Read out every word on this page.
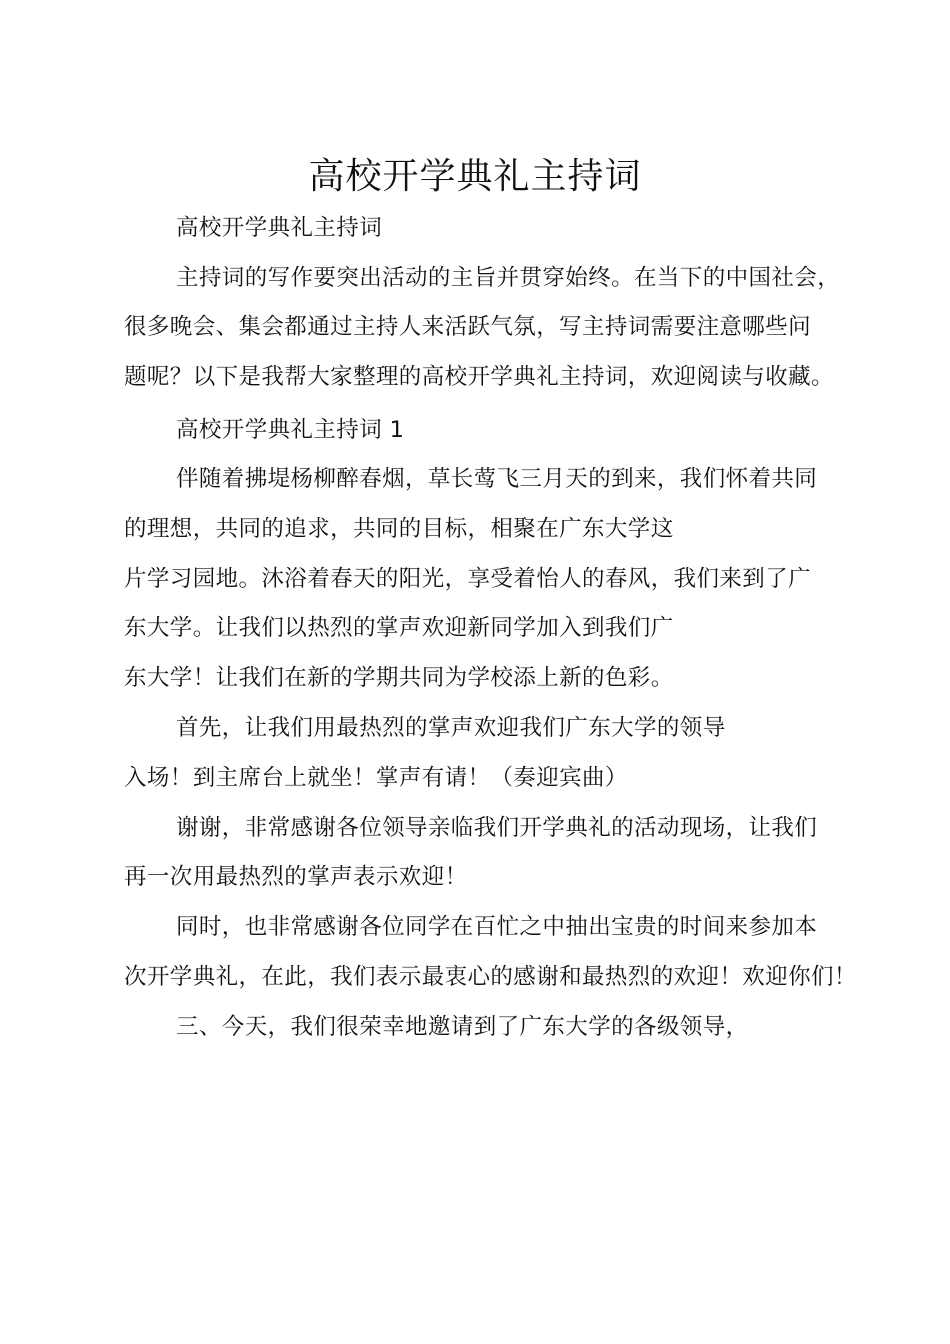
高校开学典礼主持词
高校开学典礼主持词
主持词的写作要突出活动的主旨并贯穿始终。在当下的中国社会，
很多晚会、集会都通过主持人来活跃气氛，写主持词需要注意哪些问
题呢？以下是我帮大家整理的高校开学典礼主持词，欢迎阅读与收藏。
高校开学典礼主持词 1
伴随着拂堤杨柳醉春烟，草长莺飞三月天的到来，我们怀着共同
的理想，共同的追求，共同的目标，相聚在广东大学这
片学习园地。沐浴着春天的阳光，享受着怡人的春风，我们来到了广
东大学。让我们以热烈的掌声欢迎新同学加入到我们广
东大学！让我们在新的学期共同为学校添上新的色彩。
首先，让我们用最热烈的掌声欢迎我们广东大学的领导
入场！到主席台上就坐！掌声有请！（奏迎宾曲）
谢谢，非常感谢各位领导亲临我们开学典礼的活动现场，让我们
再一次用最热烈的掌声表示欢迎！
同时，也非常感谢各位同学在百忙之中抽出宝贵的时间来参加本
次开学典礼，在此，我们表示最衷心的感谢和最热烈的欢迎！欢迎你们！
三、今天，我们很荣幸地邀请到了广东大学的各级领导，
